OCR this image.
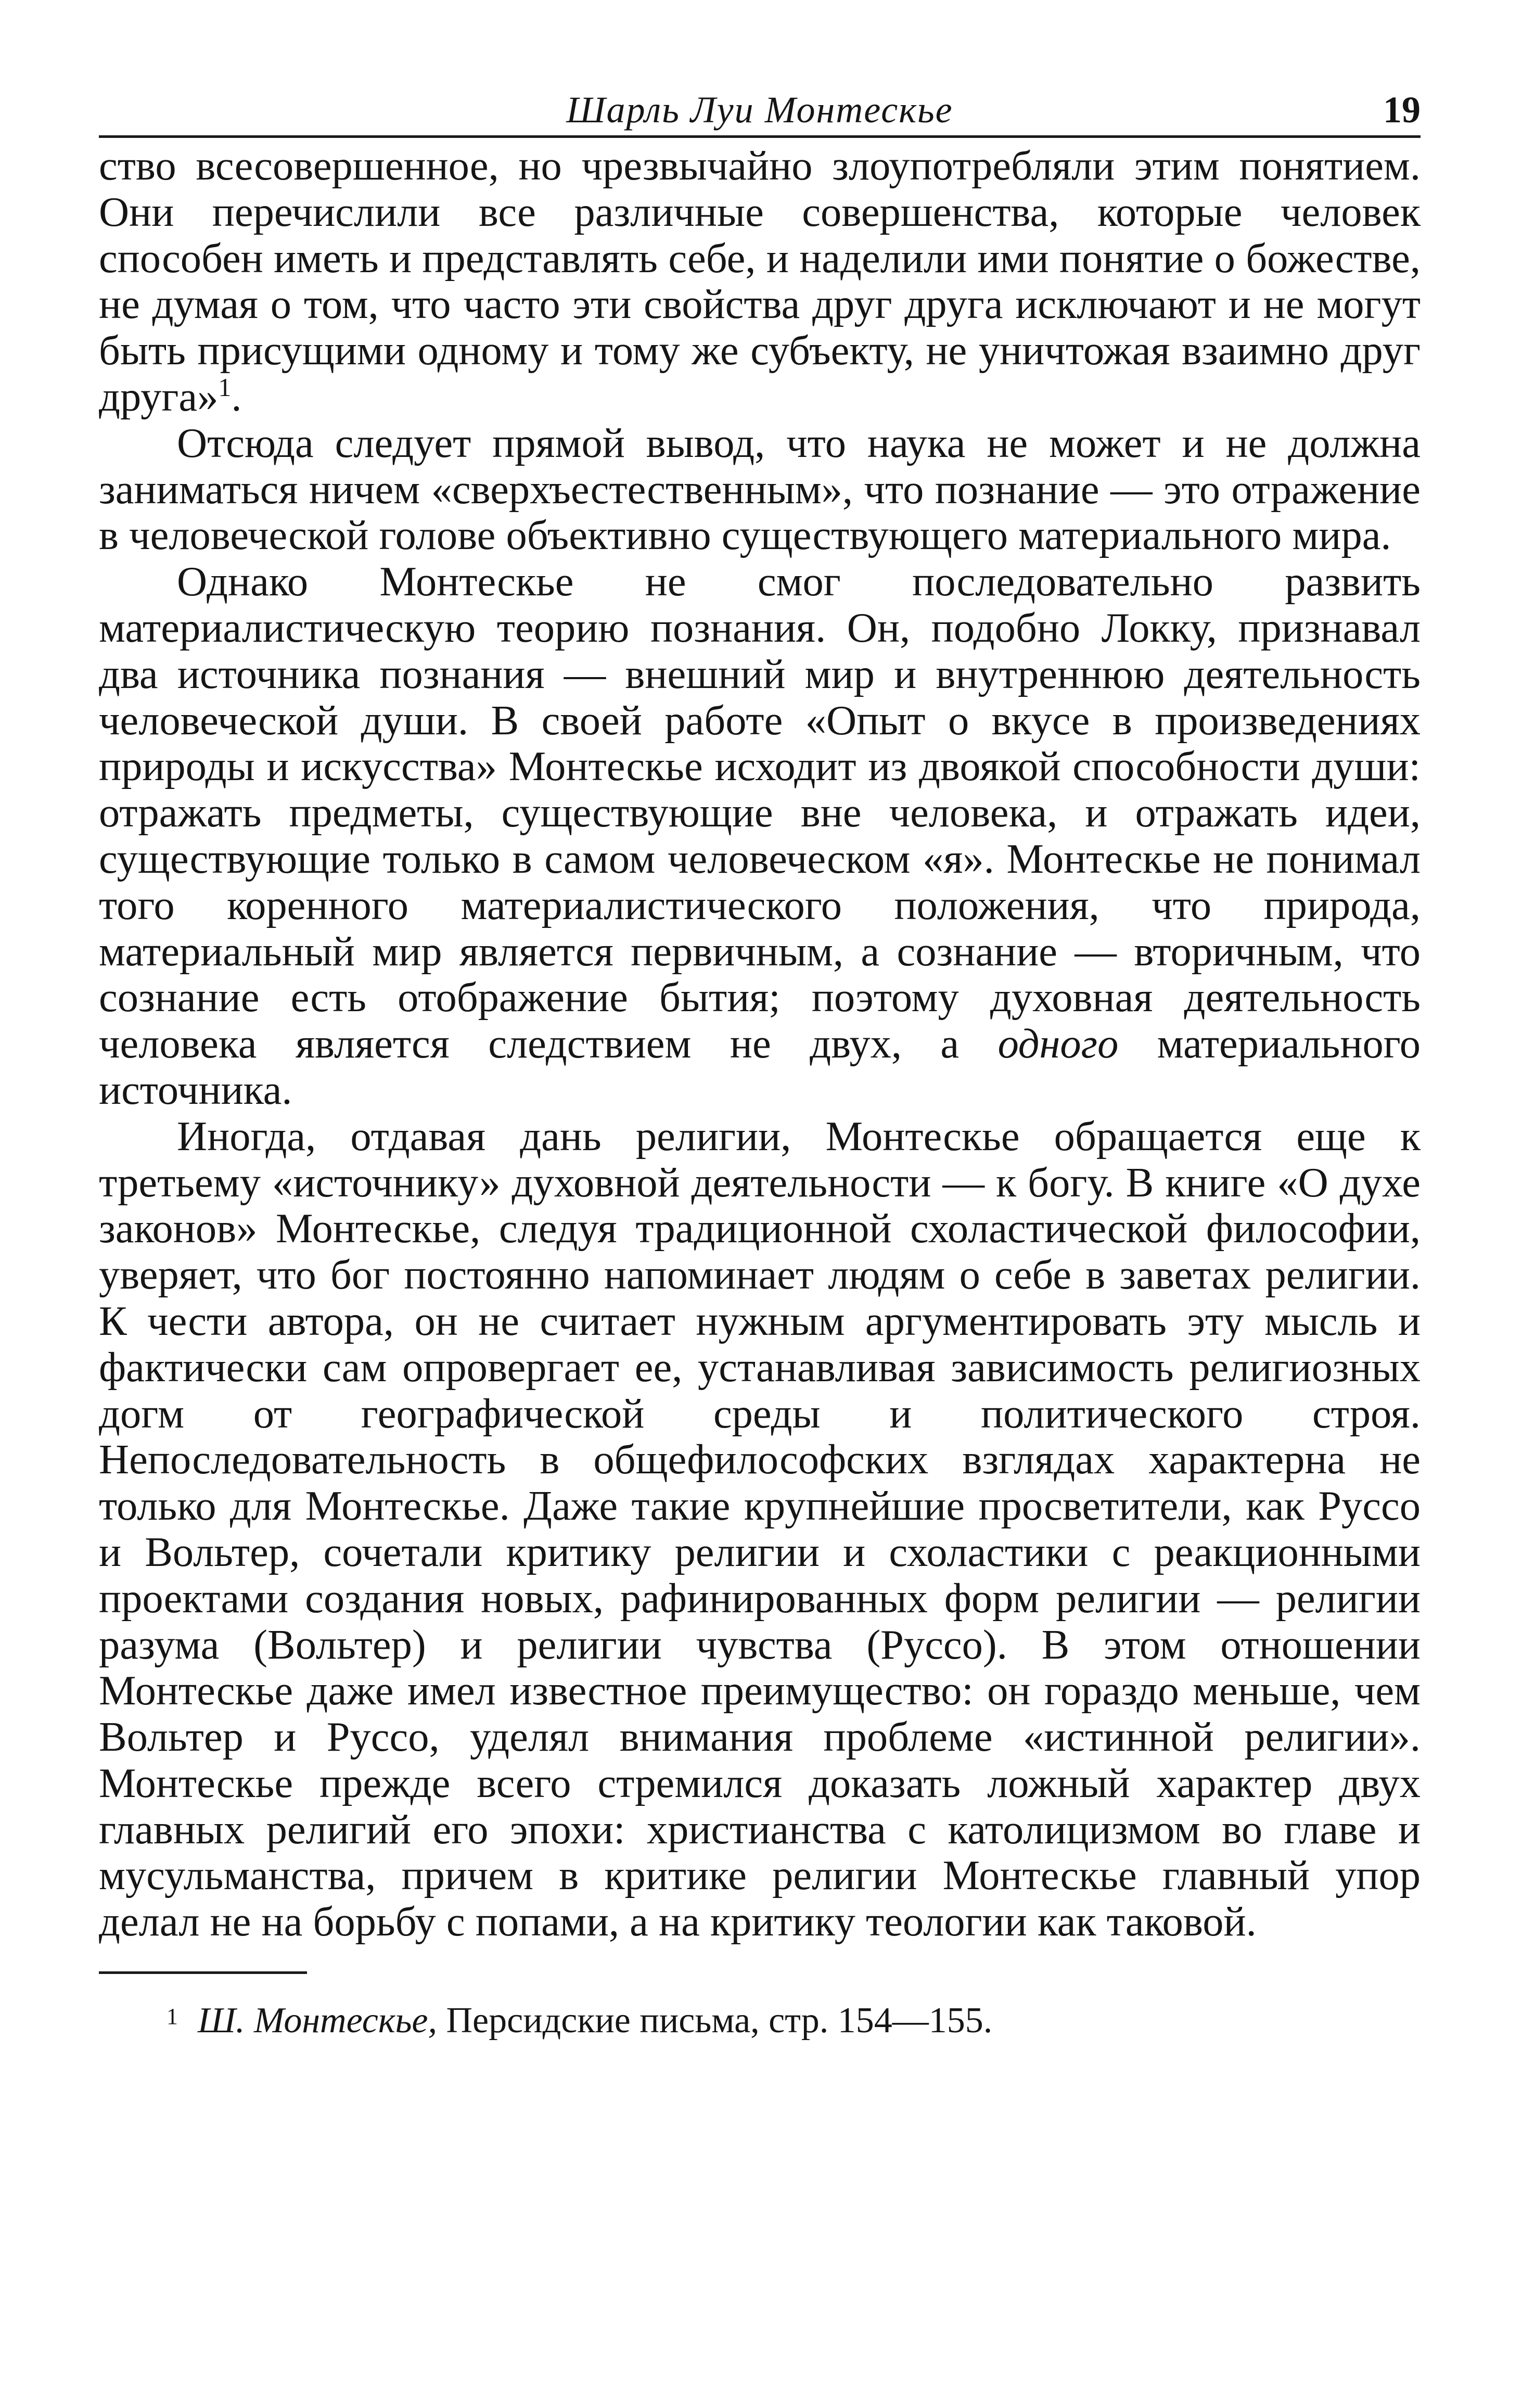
Шарль Луи Монтескье	19

ство всесовершенное, но чрезвычайно злоупотребляли этим понятием. Они перечислили все различные совершенства, которые человек способен иметь и представлять себе, и наделили ими понятие о божестве, не думая о том, что часто эти свойства друг друга исключают и не могут быть присущими одному и тому же субъекту, не уничтожая взаимно друг друга»$^1$.

Отсюда следует прямой вывод, что наука не может и не должна заниматься ничем «сверхъестественным», что познание — это отражение в человеческой голове объективно существующего материального мира.

Однако Монтескье не смог последовательно развить материалистическую теорию познания. Он, подобно Локку, признавал два источника познания — внешний мир и внутреннюю деятельность человеческой души. В своей работе «Опыт о вкусе в произведениях природы и искусства» Монтескье исходит из двоякой способности души: отражать предметы, существующие вне человека, и отражать идеи, существующие только в самом человеческом «я». Монтескье не понимал того коренного материалистического положения, что природа, материальный мир является первичным, а сознание — вторичным, что сознание есть отображение бытия; поэтому духовная деятельность человека является следствием не двух, а одного материального источника.

Иногда, отдавая дань религии, Монтескье обращается еще к третьему «источнику» духовной деятельности — к богу. В книге «О духе законов» Монтескье, следуя традиционной схоластической философии, уверяет, что бог постоянно напоминает людям о себе в заветах религии. К чести автора, он не считает нужным аргументировать эту мысль и фактически сам опровергает ее, устанавливая зависимость религиозных догм от географической среды и политического строя. Непоследовательность в общефилософских взглядах характерна не только для Монтескье. Даже такие крупнейшие просветители, как Руссо и Вольтер, сочетали критику религии и схоластики с реакционными проектами создания новых, рафинированных форм религии — религии разума (Вольтер) и религии чувства (Руссо). В этом отношении Монтескье даже имел известное преимущество: он гораздо меньше, чем Вольтер и Руссо, уделял внимания проблеме «истинной религии». Монтескье прежде всего стремился доказать ложный характер двух главных религий его эпохи: христианства с католицизмом во главе и мусульманства, причем в критике религии Монтескье главный упор делал не на борьбу с попами, а на критику теологии как таковой.

1 Ш. Монтескье, Персидские письма, стр. 154—155.
